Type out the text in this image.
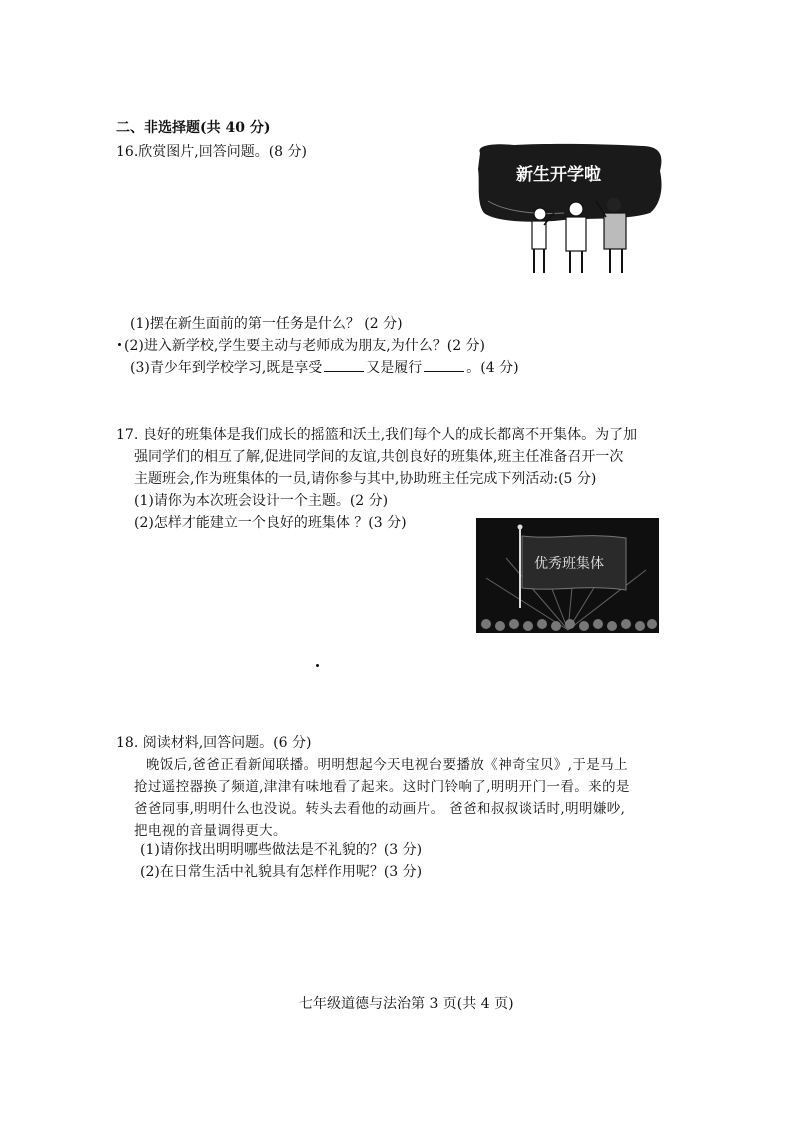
二、非选择题(共 40 分)
16.欣赏图片,回答问题。(8 分)
新生开学啦
(1)摆在新生面前的第一任务是什么？ (2 分)
(2)进入新学校,学生要主动与老师成为朋友,为什么？(2 分)
(3)青少年到学校学习,既是享受	又是履行	。(4 分)
17. 良好的班集体是我们成长的摇篮和沃土,我们每个人的成长都离不开集体。为了加
强同学们的相互了解,促进同学间的友谊,共创良好的班集体,班主任准备召开一次
主题班会,作为班集体的一员,请你参与其中,协助班主任完成下列活动:(5 分)
(1)请你为本次班会设计一个主题。(2 分)
(2)怎样才能建立一个良好的班集体 ？(3 分)
优秀班集体
18. 阅读材料,回答问题。(6 分)
晚饭后,爸爸正看新闻联播。明明想起今天电视台要播放《神奇宝贝》,于是马上
抢过遥控器换了频道,津津有味地看了起来。这时门铃响了,明明开门一看。来的是
爸爸同事,明明什么也没说。转头去看他的动画片。 爸爸和叔叔谈话时,明明嫌吵,
把电视的音量调得更大。
(1)请你找出明明哪些做法是不礼貌的？(3 分)
(2)在日常生活中礼貌具有怎样作用呢？(3 分)
七年级道德与法治第 3 页(共 4 页)
